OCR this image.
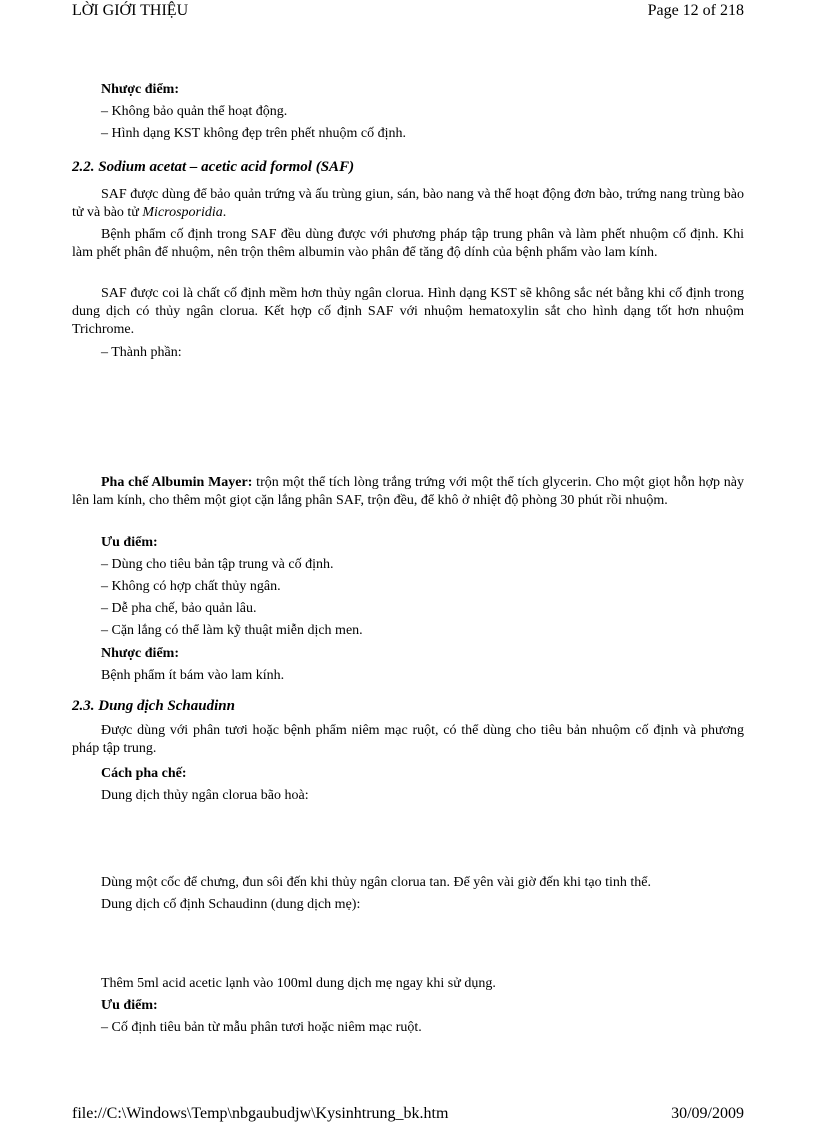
LỜI GIỚI THIỆU	Page 12 of 218

Nhược điểm:

– Không bảo quản thể hoạt động.

– Hình dạng KST không đẹp trên phết nhuộm cố định.

2.2. Sodium acetat – acetic acid formol (SAF)

SAF được dùng để bảo quản trứng và ấu trùng giun, sán, bào nang và thể hoạt động đơn bào, trứng nang trùng bào tử và bào tử Microsporidia.

Bệnh phẩm cố định trong SAF đều dùng được với phương pháp tập trung phân và làm phết nhuộm cố định. Khi làm phết phân để nhuộm, nên trộn thêm albumin vào phân để tăng độ dính của bệnh phẩm vào lam kính.

SAF được coi là chất cố định mềm hơn thủy ngân clorua. Hình dạng KST sẽ không sắc nét bằng khi cố định trong dung dịch có thủy ngân clorua. Kết hợp cố định SAF với nhuộm hematoxylin sắt cho hình dạng tốt hơn nhuộm Trichrome.

– Thành phần:

Pha chế Albumin Mayer: trộn một thể tích lòng trắng trứng với một thể tích glycerin. Cho một giọt hỗn hợp này lên lam kính, cho thêm một giọt cặn lắng phân SAF, trộn đều, để khô ở nhiệt độ phòng 30 phút rồi nhuộm.

Ưu điểm:

– Dùng cho tiêu bản tập trung và cố định.

– Không có hợp chất thủy ngân.

– Dễ pha chế, bảo quản lâu.

– Cặn lắng có thể làm kỹ thuật miễn dịch men.

Nhược điểm:

Bệnh phẩm ít bám vào lam kính.

2.3. Dung dịch Schaudinn

Được dùng với phân tươi hoặc bệnh phẩm niêm mạc ruột, có thể dùng cho tiêu bản nhuộm cố định và phương pháp tập trung.

Cách pha chế:

Dung dịch thủy ngân clorua bão hoà:

Dùng một cốc để chưng, đun sôi đến khi thủy ngân clorua tan. Để yên vài giờ đến khi tạo tinh thể.

Dung dịch cố định Schaudinn (dung dịch mẹ):

Thêm 5ml acid acetic lạnh vào 100ml dung dịch mẹ ngay khi sử dụng.

Ưu điểm:

– Cố định tiêu bản từ mẫu phân tươi hoặc niêm mạc ruột.

file://C:\Windows\Temp\nbgaubudjw\Kysinhtrung_bk.htm	30/09/2009
